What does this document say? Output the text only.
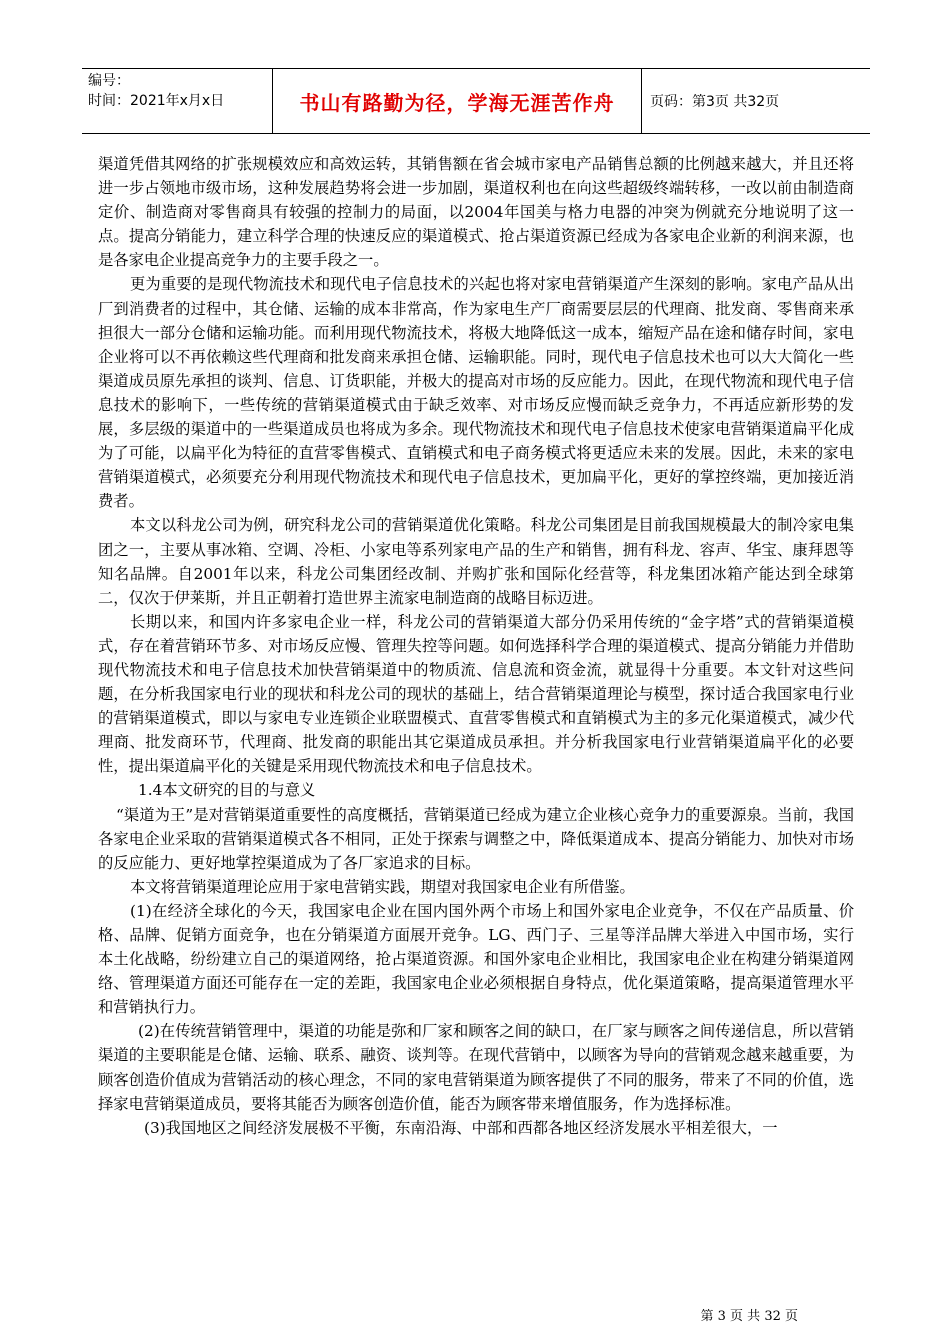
编号：
时间：2021年x月x日	书山有路勤为径，学海无涯苦作舟	页码：第3页 共32页

渠道凭借其网络的扩张规模效应和高效运转，其销售额在省会城市家电产品销售总额的比例越来越大，并且还将进一步占领地市级市场，这种发展趋势将会进一步加剧，渠道权利也在向这些超级终端转移，一改以前由制造商定价、制造商对零售商具有较强的控制力的局面，以2004年国美与格力电器的冲突为例就充分地说明了这一点。提高分销能力，建立科学合理的快速反应的渠道模式、抢占渠道资源已经成为各家电企业新的利润来源，也是各家电企业提高竞争力的主要手段之一。

更为重要的是现代物流技术和现代电子信息技术的兴起也将对家电营销渠道产生深刻的影响。家电产品从出厂到消费者的过程中，其仓储、运输的成本非常高，作为家电生产厂商需要层层的代理商、批发商、零售商来承担很大一部分仓储和运输功能。而利用现代物流技术，将极大地降低这一成本，缩短产品在途和储存时间，家电企业将可以不再依赖这些代理商和批发商来承担仓储、运输职能。同时，现代电子信息技术也可以大大简化一些渠道成员原先承担的谈判、信息、订货职能，并极大的提高对市场的反应能力。因此，在现代物流和现代电子信息技术的影响下，一些传统的营销渠道模式由于缺乏效率、对市场反应慢而缺乏竞争力，不再适应新形势的发展，多层级的渠道中的一些渠道成员也将成为多余。现代物流技术和现代电子信息技术使家电营销渠道扁平化成为了可能，以扁平化为特征的直营零售模式、直销模式和电子商务模式将更适应未来的发展。因此，未来的家电营销渠道模式，必须要充分利用现代物流技术和现代电子信息技术，更加扁平化，更好的掌控终端，更加接近消费者。

本文以科龙公司为例，研究科龙公司的营销渠道优化策略。科龙公司集团是目前我国规模最大的制冷家电集团之一，主要从事冰箱、空调、冷柜、小家电等系列家电产品的生产和销售，拥有科龙、容声、华宝、康拜恩等知名品牌。自2001年以来，科龙公司集团经改制、并购扩张和国际化经营等，科龙集团冰箱产能达到全球第二，仅次于伊莱斯，并且正朝着打造世界主流家电制造商的战略目标迈进。

长期以来，和国内许多家电企业一样，科龙公司的营销渠道大部分仍采用传统的“金字塔”式的营销渠道模式，存在着营销环节多、对市场反应慢、管理失控等问题。如何选择科学合理的渠道模式、提高分销能力并借助现代物流技术和电子信息技术加快营销渠道中的物质流、信息流和资金流，就显得十分重要。本文针对这些问题，在分析我国家电行业的现状和科龙公司的现状的基础上，结合营销渠道理论与模型，探讨适合我国家电行业的营销渠道模式，即以与家电专业连锁企业联盟模式、直营零售模式和直销模式为主的多元化渠道模式，减少代理商、批发商环节，代理商、批发商的职能出其它渠道成员承担。并分析我国家电行业营销渠道扁平化的必要性，提出渠道扁平化的关键是采用现代物流技术和电子信息技术。

1.4本文研究的目的与意义

“渠道为王”是对营销渠道重要性的高度概括，营销渠道已经成为建立企业核心竞争力的重要源泉。当前，我国各家电企业采取的营销渠道模式各不相同，正处于探索与调整之中，降低渠道成本、提高分销能力、加快对市场的反应能力、更好地掌控渠道成为了各厂家追求的目标。

本文将营销渠道理论应用于家电营销实践，期望对我国家电企业有所借鉴。

(1)在经济全球化的今天，我国家电企业在国内国外两个市场上和国外家电企业竞争，不仅在产品质量、价格、品牌、促销方面竞争，也在分销渠道方面展开竞争。LG、西门子、三星等洋品牌大举进入中国市场，实行本土化战略，纷纷建立自己的渠道网络，抢占渠道资源。和国外家电企业相比，我国家电企业在构建分销渠道网络、管理渠道方面还可能存在一定的差距，我国家电企业必须根据自身特点，优化渠道策略，提高渠道管理水平和营销执行力。

(2)在传统营销管理中，渠道的功能是弥和厂家和顾客之间的缺口，在厂家与顾客之间传递信息，所以营销渠道的主要职能是仓储、运输、联系、融资、谈判等。在现代营销中，以顾客为导向的营销观念越来越重要，为顾客创造价值成为营销活动的核心理念，不同的家电营销渠道为顾客提供了不同的服务，带来了不同的价值，选择家电营销渠道成员，要将其能否为顾客创造价值，能否为顾客带来增值服务，作为选择标准。

(3)我国地区之间经济发展极不平衡，东南沿海、中部和西都各地区经济发展水平相差很大，一

第 3 页 共 32 页
